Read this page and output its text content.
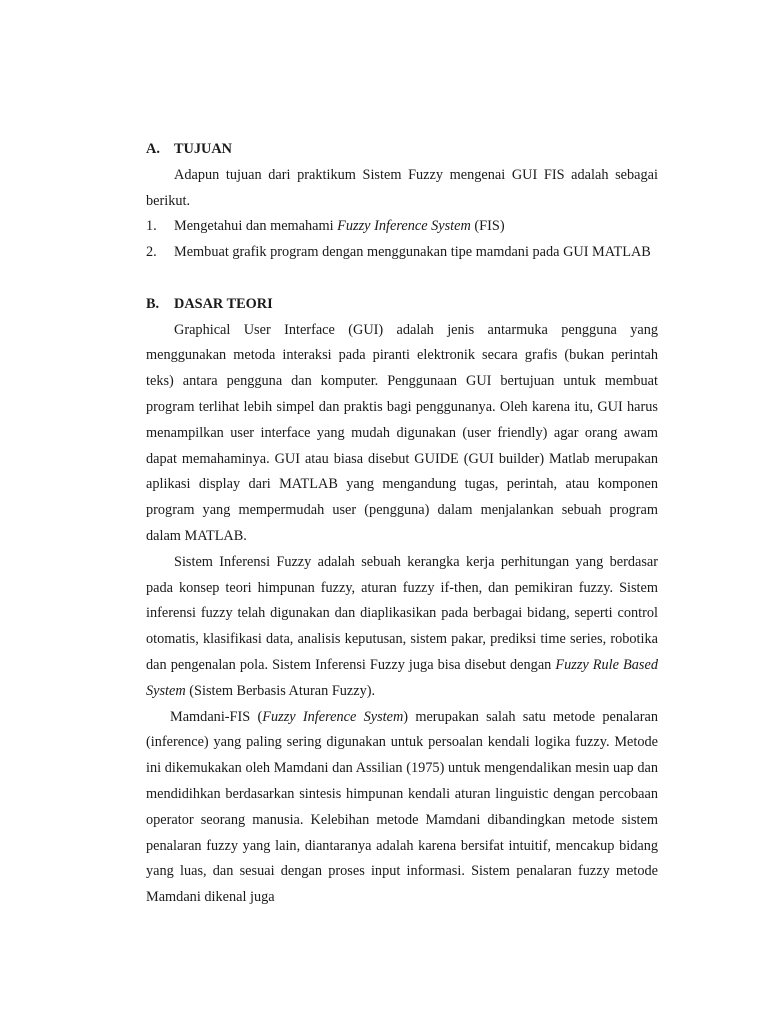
A. TUJUAN

Adapun tujuan dari praktikum Sistem Fuzzy mengenai GUI FIS adalah sebagai berikut.

1.	Mengetahui dan memahami Fuzzy Inference System (FIS)
2.	Membuat grafik program dengan menggunakan tipe mamdani pada GUI MATLAB
B.	DASAR TEORI

Graphical User Interface (GUI) adalah jenis antarmuka pengguna yang menggunakan metoda interaksi pada piranti elektronik secara grafis (bukan perintah teks) antara pengguna dan komputer. Penggunaan GUI bertujuan untuk membuat program terlihat lebih simpel dan praktis bagi penggunanya. Oleh karena itu, GUI harus menampilkan user interface yang mudah digunakan (user friendly) agar orang awam dapat memahaminya. GUI atau biasa disebut GUIDE (GUI builder) Matlab merupakan aplikasi display dari MATLAB yang mengandung tugas, perintah, atau komponen program yang mempermudah user (pengguna) dalam menjalankan sebuah program dalam MATLAB.

Sistem Inferensi Fuzzy adalah sebuah kerangka kerja perhitungan yang berdasar pada konsep teori himpunan fuzzy, aturan fuzzy if-then, dan pemikiran fuzzy. Sistem inferensi fuzzy telah digunakan dan diaplikasikan pada berbagai bidang, seperti control otomatis, klasifikasi data, analisis keputusan, sistem pakar, prediksi time series, robotika dan pengenalan pola. Sistem Inferensi Fuzzy juga bisa disebut dengan Fuzzy Rule Based System (Sistem Berbasis Aturan Fuzzy).

Mamdani-FIS (Fuzzy Inference System) merupakan salah satu metode penalaran (inference) yang paling sering digunakan untuk persoalan kendali logika fuzzy. Metode ini dikemukakan oleh Mamdani dan Assilian (1975) untuk mengendalikan mesin uap dan mendidihkan berdasarkan sintesis himpunan kendali aturan linguistic dengan percobaan operator seorang manusia. Kelebihan metode Mamdani dibandingkan metode sistem penalaran fuzzy yang lain, diantaranya adalah karena bersifat intuitif, mencakup bidang yang luas, dan sesuai dengan proses input informasi. Sistem penalaran fuzzy metode Mamdani dikenal juga
